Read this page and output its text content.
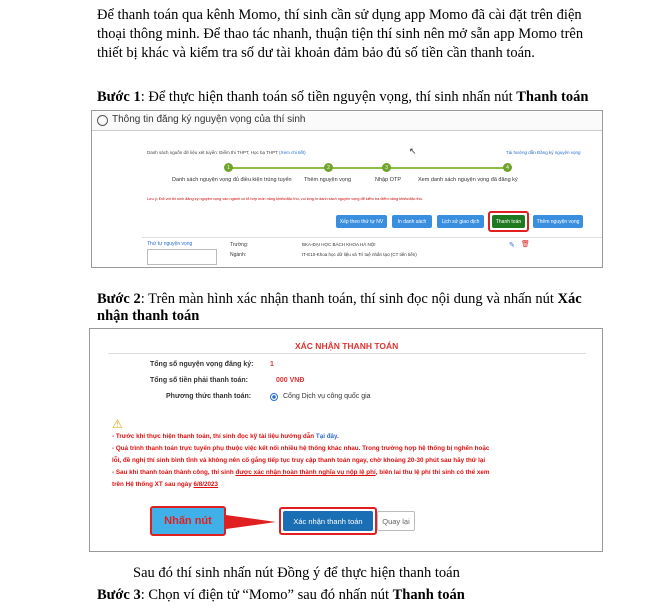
Để thanh toán qua kênh Momo, thí sinh cần sử dụng app Momo đã cài đặt trên điện
thoại thông minh. Để thao tác nhanh, thuận tiện thí sinh nên mở sẵn app Momo trên
thiết bị khác và kiểm tra số dư tài khoản đảm bảo đủ số tiền cần thanh toán.
Bước 1: Để thực hiện thanh toán số tiền nguyện vọng, thí sinh nhấn nút Thanh toán
Thông tin đăng ký nguyện vọng của thí sinh
Danh sách nguồn dữ liệu xét tuyển: Điểm thi THPT, Học bạ THPT (Xem chi tiết)	Tài hướng dẫn Đăng ký nguyện vọng
1	2	3	4
Danh sách nguyện vọng đủ điều kiện trúng tuyển Thêm nguyện vọng	Nhập OTP	Xem danh sách nguyện vọng đã đăng ký
↖
Lưu ý: Đối với thí sinh đăng ký nguyện vọng vào ngành có tổ hợp môn năng khiếu/đặc thù, vui lòng In danh sách nguyện vọng để kiểm tra điểm năng khiếu/đặc thù.
Xếp theo thứ tự NV	In danh sách	Lịch sử giao dịch	Thanh toán	Thêm nguyện vọng
Thứ tự nguyện vọng	Trường:	BKA-ĐẠI HỌC BÁCH KHOA HÀ NỘI
Ngành:	IT-E10-Khoa học dữ liệu và Trí tuệ nhân tạo (CT tiên tiến)
✎ 🗑
Bước 2: Trên màn hình xác nhận thanh toán, thí sinh đọc nội dung và nhấn nút Xác
nhận thanh toán
XÁC NHẬN THANH TOÁN
Tổng số nguyện vọng đăng ký: 1
Tổng số tiền phải thanh toán:	000 VNĐ
Phương thức thanh toán:	Cổng Dịch vụ công quốc gia
⚠
- Trước khi thực hiện thanh toán, thí sinh đọc kỹ tài liệu hướng dẫn Tại đây.
- Quá trình thanh toán trực tuyến phụ thuộc việc kết nối nhiều hệ thống khác nhau. Trong trường hợp hệ thống bị nghẽn hoặc
lỗi, đề nghị thí sinh bình tĩnh và không nên cố gắng tiếp tục truy cập thanh toán ngay, chờ khoảng 20-30 phút sau hãy thử lại
- Sau khi thanh toán thành công, thí sinh được xác nhận hoàn thành nghĩa vụ nộp lệ phí, biên lai thu lệ phí thí sinh có thể xem
trên Hệ thống XT sau ngày 6/8/2023
Nhấn nút	Xác nhận thanh toán	Quay lại
Sau đó thí sinh nhấn nút Đồng ý để thực hiện thanh toán
Bước 3: Chọn ví điện tử “Momo” sau đó nhấn nút Thanh toán
